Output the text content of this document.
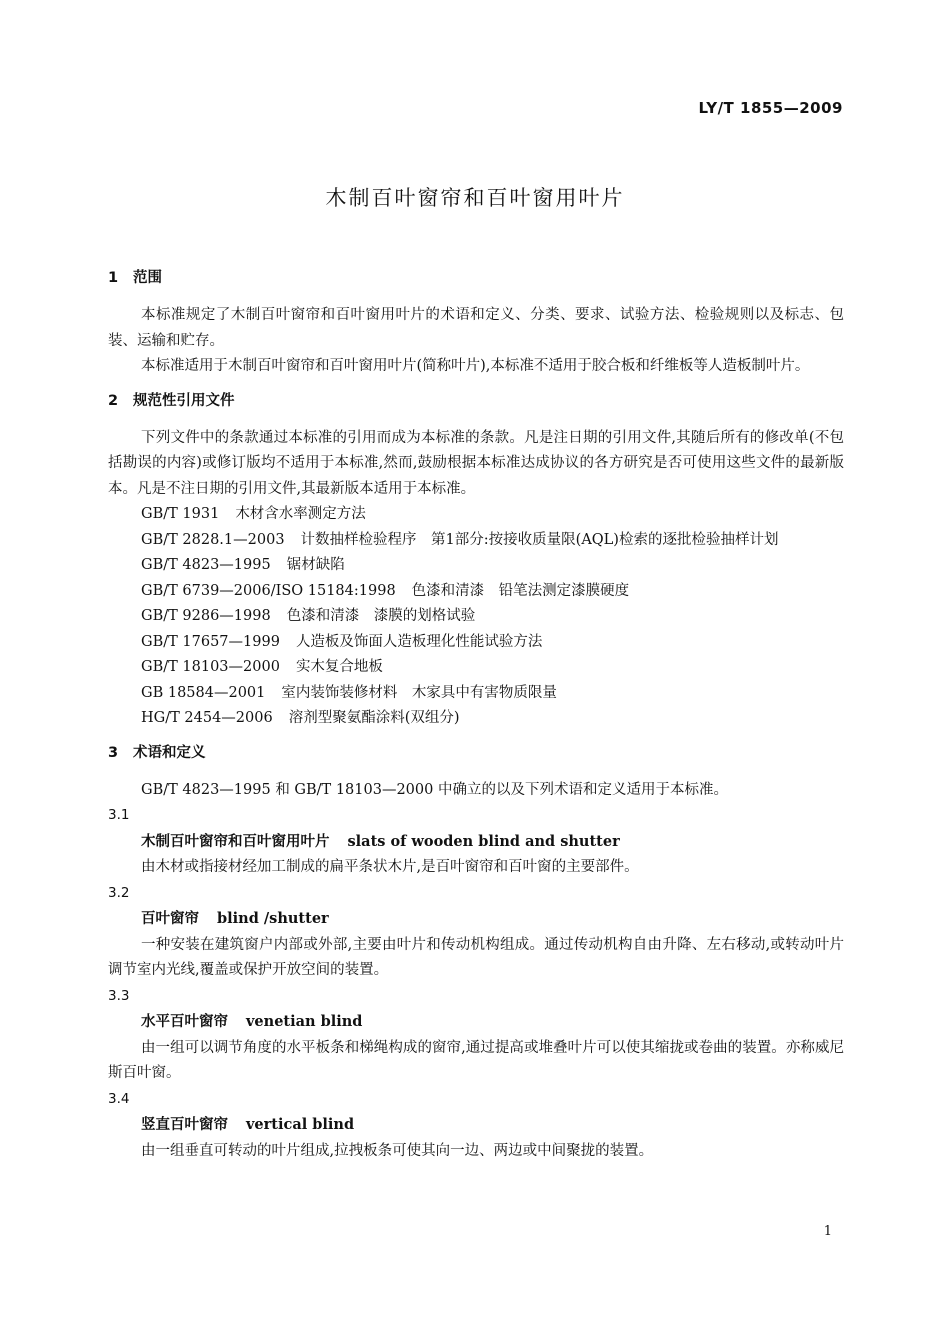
LY/T 1855—2009
木制百叶窗帘和百叶窗用叶片
1 范围

本标准规定了木制百叶窗帘和百叶窗用叶片的术语和定义、分类、要求、试验方法、检验规则以及标志、包装、运输和贮存。

本标准适用于木制百叶窗帘和百叶窗用叶片(简称叶片),本标准不适用于胶合板和纤维板等人造板制叶片。

2 规范性引用文件

下列文件中的条款通过本标准的引用而成为本标准的条款。凡是注日期的引用文件,其随后所有的修改单(不包括勘误的内容)或修订版均不适用于本标准,然而,鼓励根据本标准达成协议的各方研究是否可使用这些文件的最新版本。凡是不注日期的引用文件,其最新版本适用于本标准。

GB/T 1931 木材含水率测定方法

GB/T 2828.1—2003 计数抽样检验程序　第1部分:按接收质量限(AQL)检索的逐批检验抽样计划

GB/T 4823—1995 锯材缺陷

GB/T 6739—2006/ISO 15184:1998 色漆和清漆　铅笔法测定漆膜硬度

GB/T 9286—1998 色漆和清漆　漆膜的划格试验

GB/T 17657—1999 人造板及饰面人造板理化性能试验方法

GB/T 18103—2000 实木复合地板

GB 18584—2001 室内装饰装修材料　木家具中有害物质限量

HG/T 2454—2006 溶剂型聚氨酯涂料(双组分)

3 术语和定义

GB/T 4823—1995 和 GB/T 18103—2000 中确立的以及下列术语和定义适用于本标准。

3.1

木制百叶窗帘和百叶窗用叶片 slats of wooden blind and shutter

由木材或指接材经加工制成的扁平条状木片,是百叶窗帘和百叶窗的主要部件。

3.2

百叶窗帘 blind /shutter

一种安装在建筑窗户内部或外部,主要由叶片和传动机构组成。通过传动机构自由升降、左右移动,或转动叶片调节室内光线,覆盖或保护开放空间的装置。

3.3

水平百叶窗帘 venetian blind

由一组可以调节角度的水平板条和梯绳构成的窗帘,通过提高或堆叠叶片可以使其缩拢或卷曲的装置。亦称威尼斯百叶窗。

3.4

竖直百叶窗帘 vertical blind

由一组垂直可转动的叶片组成,拉拽板条可使其向一边、两边或中间聚拢的装置。

1
